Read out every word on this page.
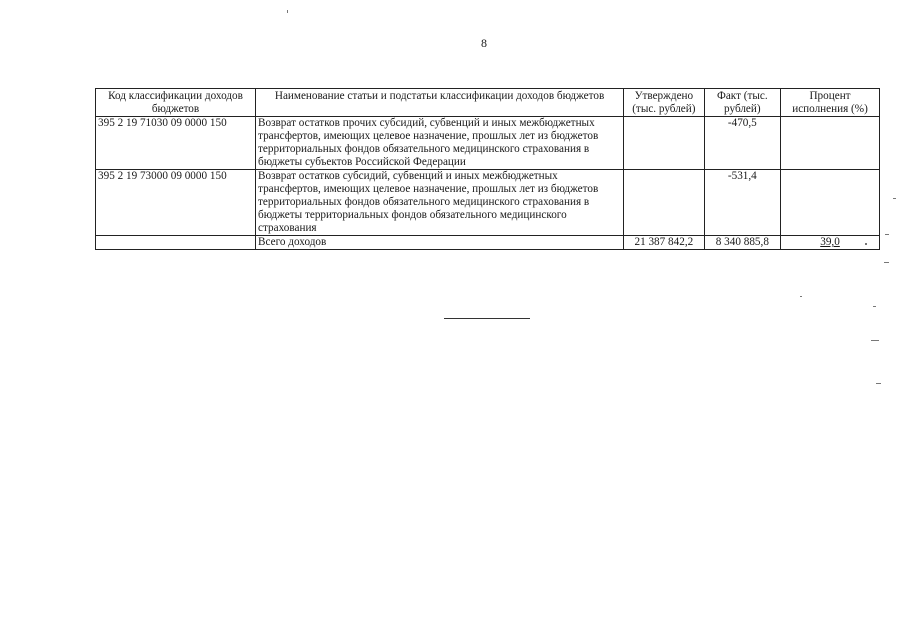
8
Код классификации доходов бюджетов	Наименование статьи и подстатьи классификации доходов бюджетов	Утверждено (тыс. рублей)	Факт (тыс. рублей)	Процент исполнения (%)
395 2 19 71030 09 0000 150	Возврат остатков прочих субсидий, субвенций и иных межбюджетных трансфертов, имеющих целевое назначение, прошлых лет из бюджетов территориальных фондов обязательного медицинского страхования в бюджеты субъектов Российской Федерации		-470,5	
395 2 19 73000 09 0000 150	Возврат остатков субсидий, субвенций и иных межбюджетных трансфертов, имеющих целевое назначение, прошлых лет из бюджетов территориальных фондов обязательного медицинского страхования в бюджеты территориальных фондов обязательного медицинского страхования		-531,4	
	Всего доходов	21 387 842,2	8 340 885,8	39,0
